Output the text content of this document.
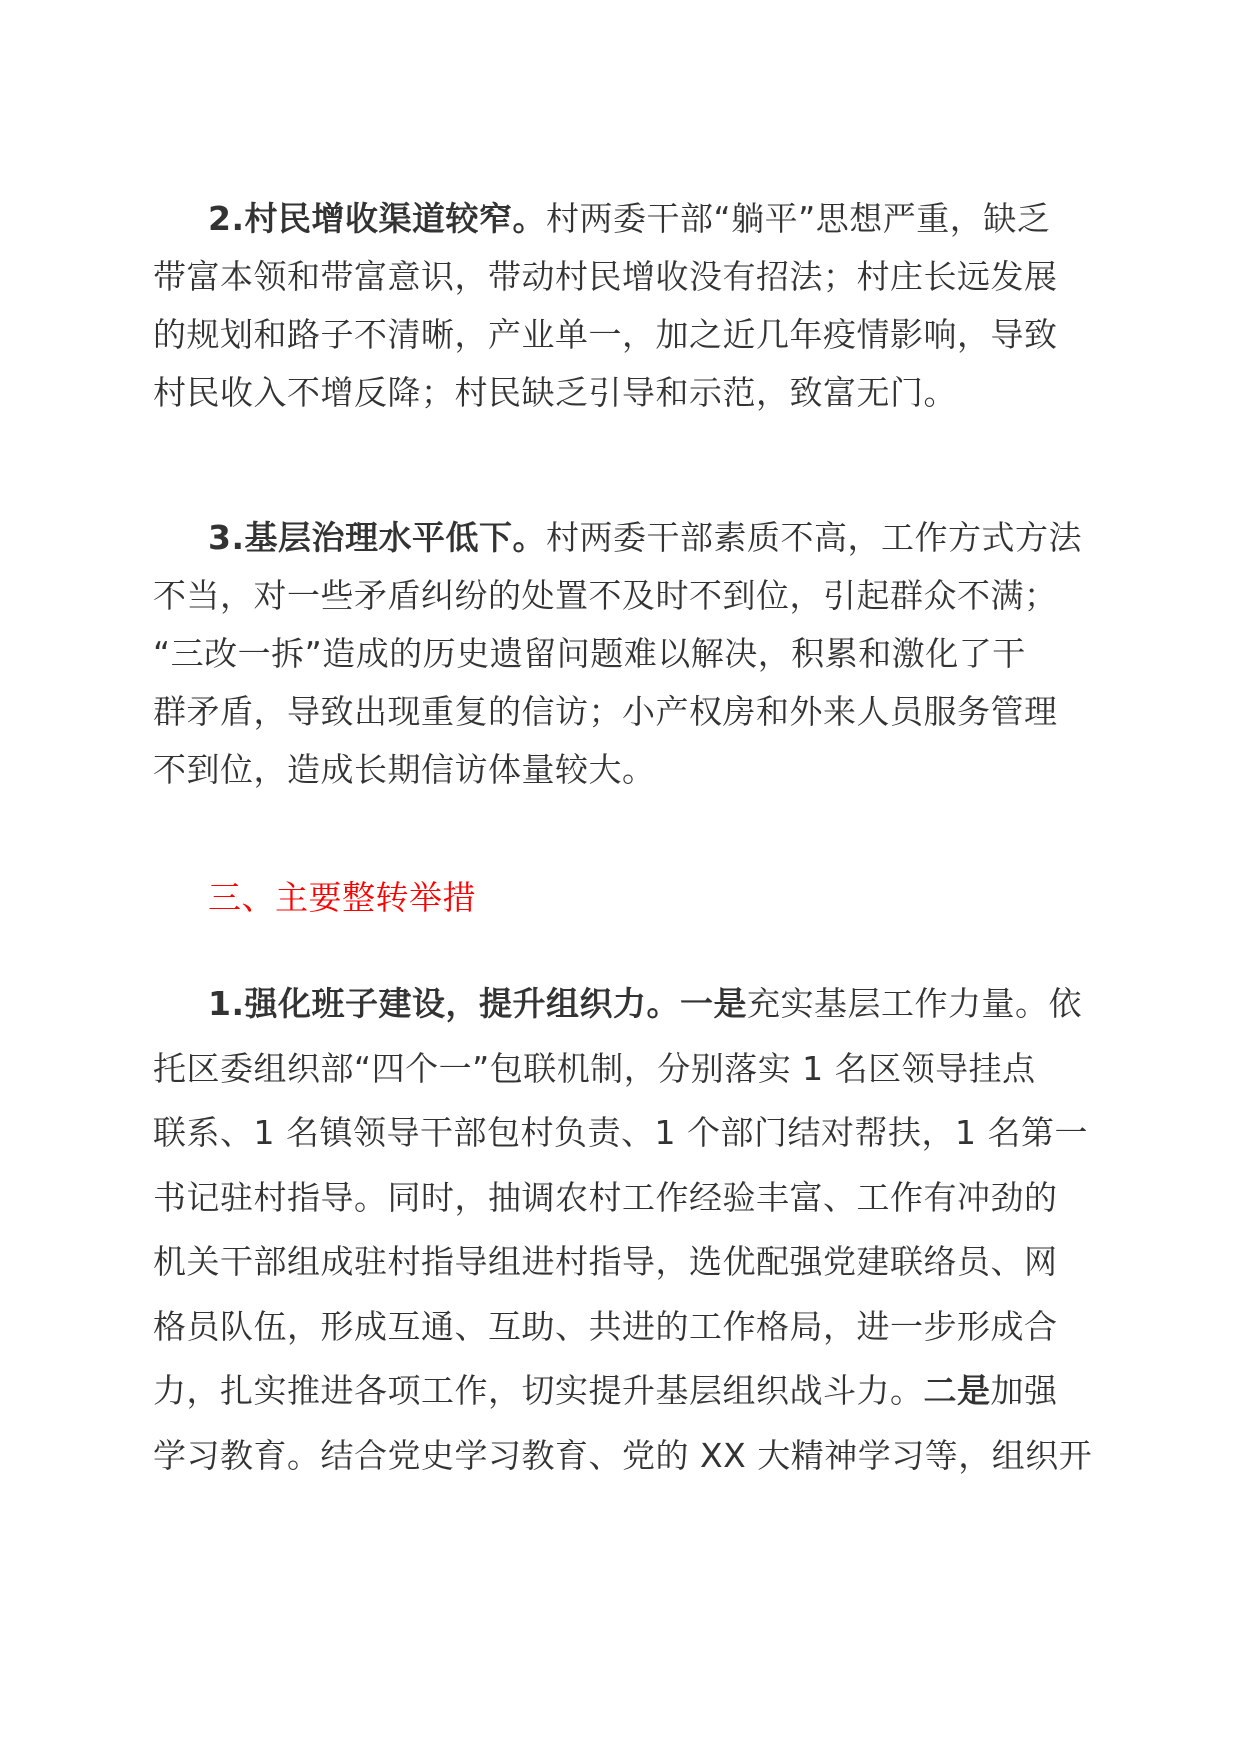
2.村民增收渠道较窄。村两委干部“躺平”思想严重，缺乏
带富本领和带富意识，带动村民增收没有招法；村庄长远发展
的规划和路子不清晰，产业单一，加之近几年疫情影响，导致
村民收入不增反降；村民缺乏引导和示范，致富无门。
3.基层治理水平低下。村两委干部素质不高，工作方式方法
不当，对一些矛盾纠纷的处置不及时不到位，引起群众不满；
“三改一拆”造成的历史遗留问题难以解决，积累和激化了干
群矛盾，导致出现重复的信访；小产权房和外来人员服务管理
不到位，造成长期信访体量较大。
三、主要整转举措
1.强化班子建设，提升组织力。一是充实基层工作力量。依
托区委组织部“四个一”包联机制，分别落实 1 名区领导挂点
联系、1 名镇领导干部包村负责、1 个部门结对帮扶，1 名第一
书记驻村指导。同时，抽调农村工作经验丰富、工作有冲劲的
机关干部组成驻村指导组进村指导，选优配强党建联络员、网
格员队伍，形成互通、互助、共进的工作格局，进一步形成合
力，扎实推进各项工作，切实提升基层组织战斗力。二是加强
学习教育。结合党史学习教育、党的 XX 大精神学习等，组织开
